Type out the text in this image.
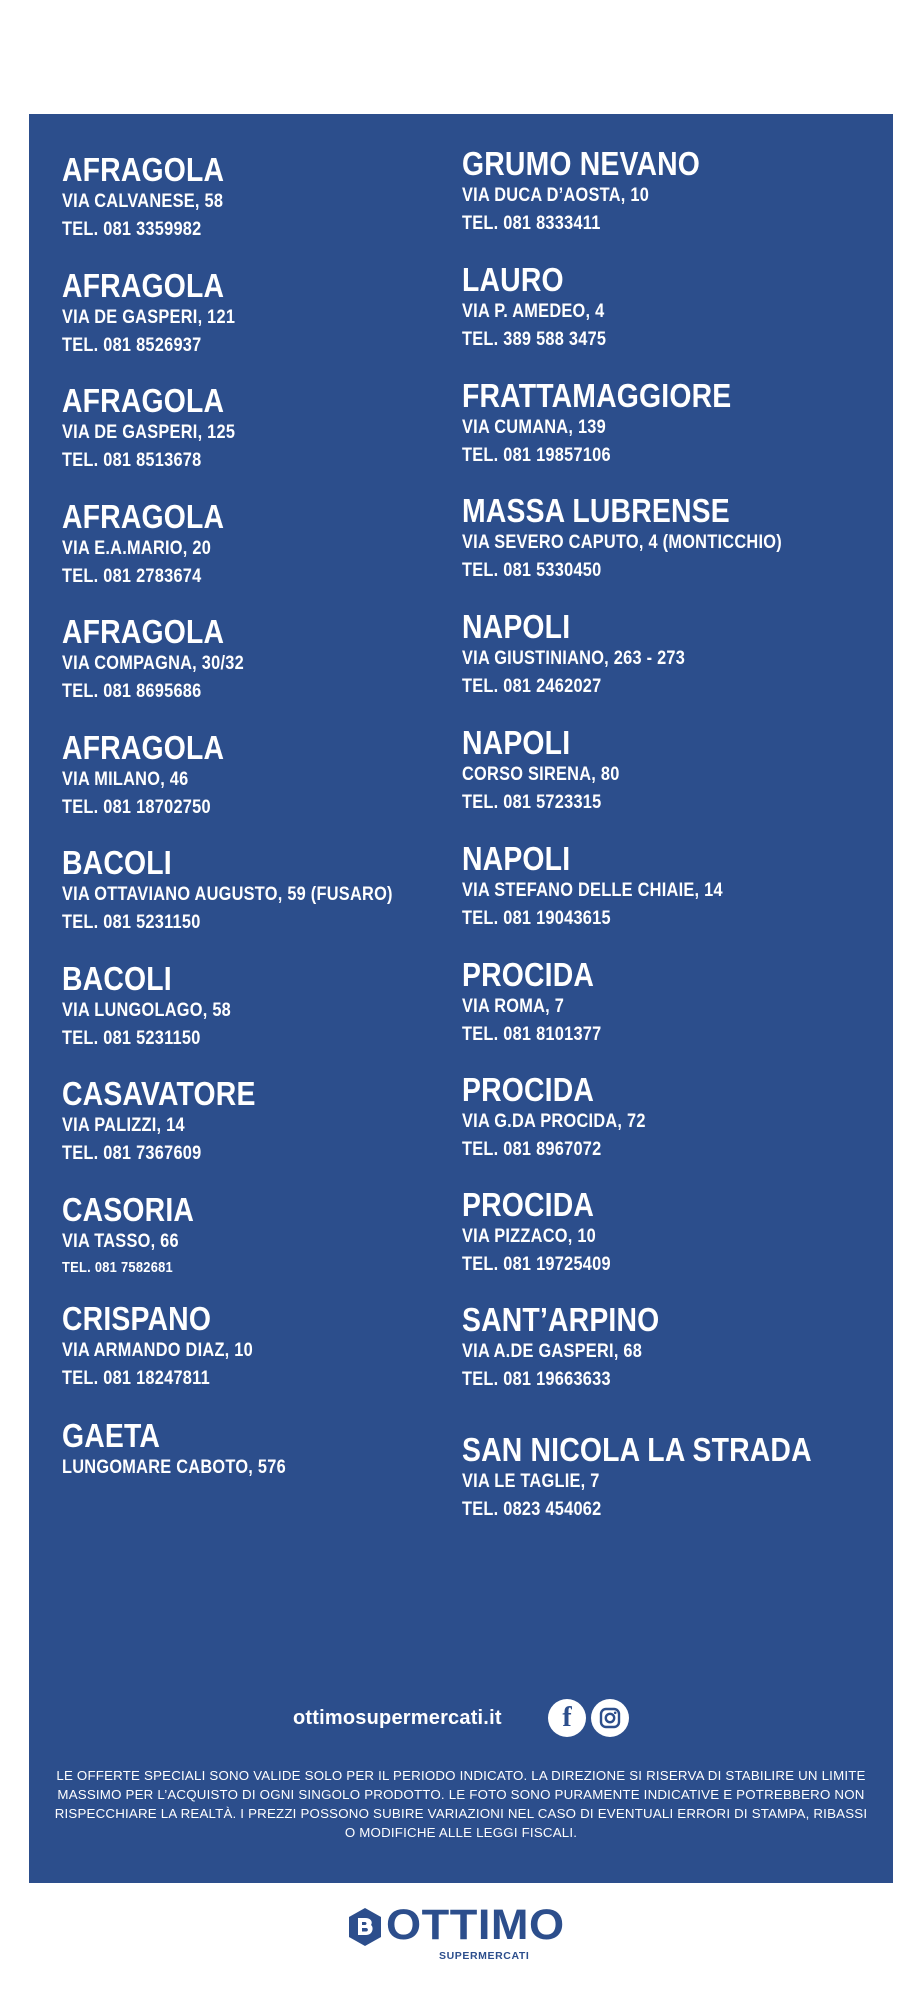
AFRAGOLA
VIA CALVANESE, 58
TEL. 081 3359982
AFRAGOLA
VIA DE GASPERI, 121
TEL. 081 8526937
AFRAGOLA
VIA DE GASPERI, 125
TEL. 081 8513678
AFRAGOLA
VIA E.A.MARIO, 20
TEL. 081 2783674
AFRAGOLA
VIA COMPAGNA, 30/32
TEL. 081 8695686
AFRAGOLA
VIA MILANO, 46
TEL. 081 18702750
BACOLI
VIA OTTAVIANO AUGUSTO, 59 (FUSARO)
TEL. 081 5231150
BACOLI
VIA LUNGOLAGO, 58
TEL. 081 5231150
CASAVATORE
VIA PALIZZI, 14
TEL. 081 7367609
CASORIA
VIA TASSO, 66
TEL. 081 7582681
CRISPANO
VIA ARMANDO DIAZ, 10
TEL. 081 18247811
GAETA
LUNGOMARE CABOTO, 576
GRUMO NEVANO
VIA DUCA D’AOSTA, 10
TEL. 081 8333411
LAURO
VIA P. AMEDEO, 4
TEL. 389 588 3475
FRATTAMAGGIORE
VIA CUMANA, 139
TEL. 081 19857106
MASSA LUBRENSE
VIA SEVERO CAPUTO, 4 (MONTICCHIO)
TEL. 081 5330450
NAPOLI
VIA GIUSTINIANO, 263 - 273
TEL. 081 2462027
NAPOLI
CORSO SIRENA, 80
TEL. 081 5723315
NAPOLI
VIA STEFANO DELLE CHIAIE, 14
TEL. 081 19043615
PROCIDA
VIA ROMA, 7
TEL. 081 8101377
PROCIDA
VIA G.DA PROCIDA, 72
TEL. 081 8967072
PROCIDA
VIA PIZZACO, 10
TEL. 081 19725409
SANT’ARPINO
VIA A.DE GASPERI, 68
TEL. 081 19663633
SAN NICOLA LA STRADA
VIA LE TAGLIE, 7
TEL. 0823 454062
ottimosupermercati.it	f
LE OFFERTE SPECIALI SONO VALIDE SOLO PER IL PERIODO INDICATO. LA DIREZIONE SI RISERVA DI STABILIRE UN LIMITE MASSIMO PER L’ACQUISTO DI OGNI SINGOLO PRODOTTO. LE FOTO SONO PURAMENTE INDICATIVE E POTREBBERO NON RISPECCHIARE LA REALTÀ. I PREZZI POSSONO SUBIRE VARIAZIONI NEL CASO DI EVENTUALI ERRORI DI STAMPA, RIBASSI O MODIFICHE ALLE LEGGI FISCALI.
OTTIMO
SUPERMERCATI
